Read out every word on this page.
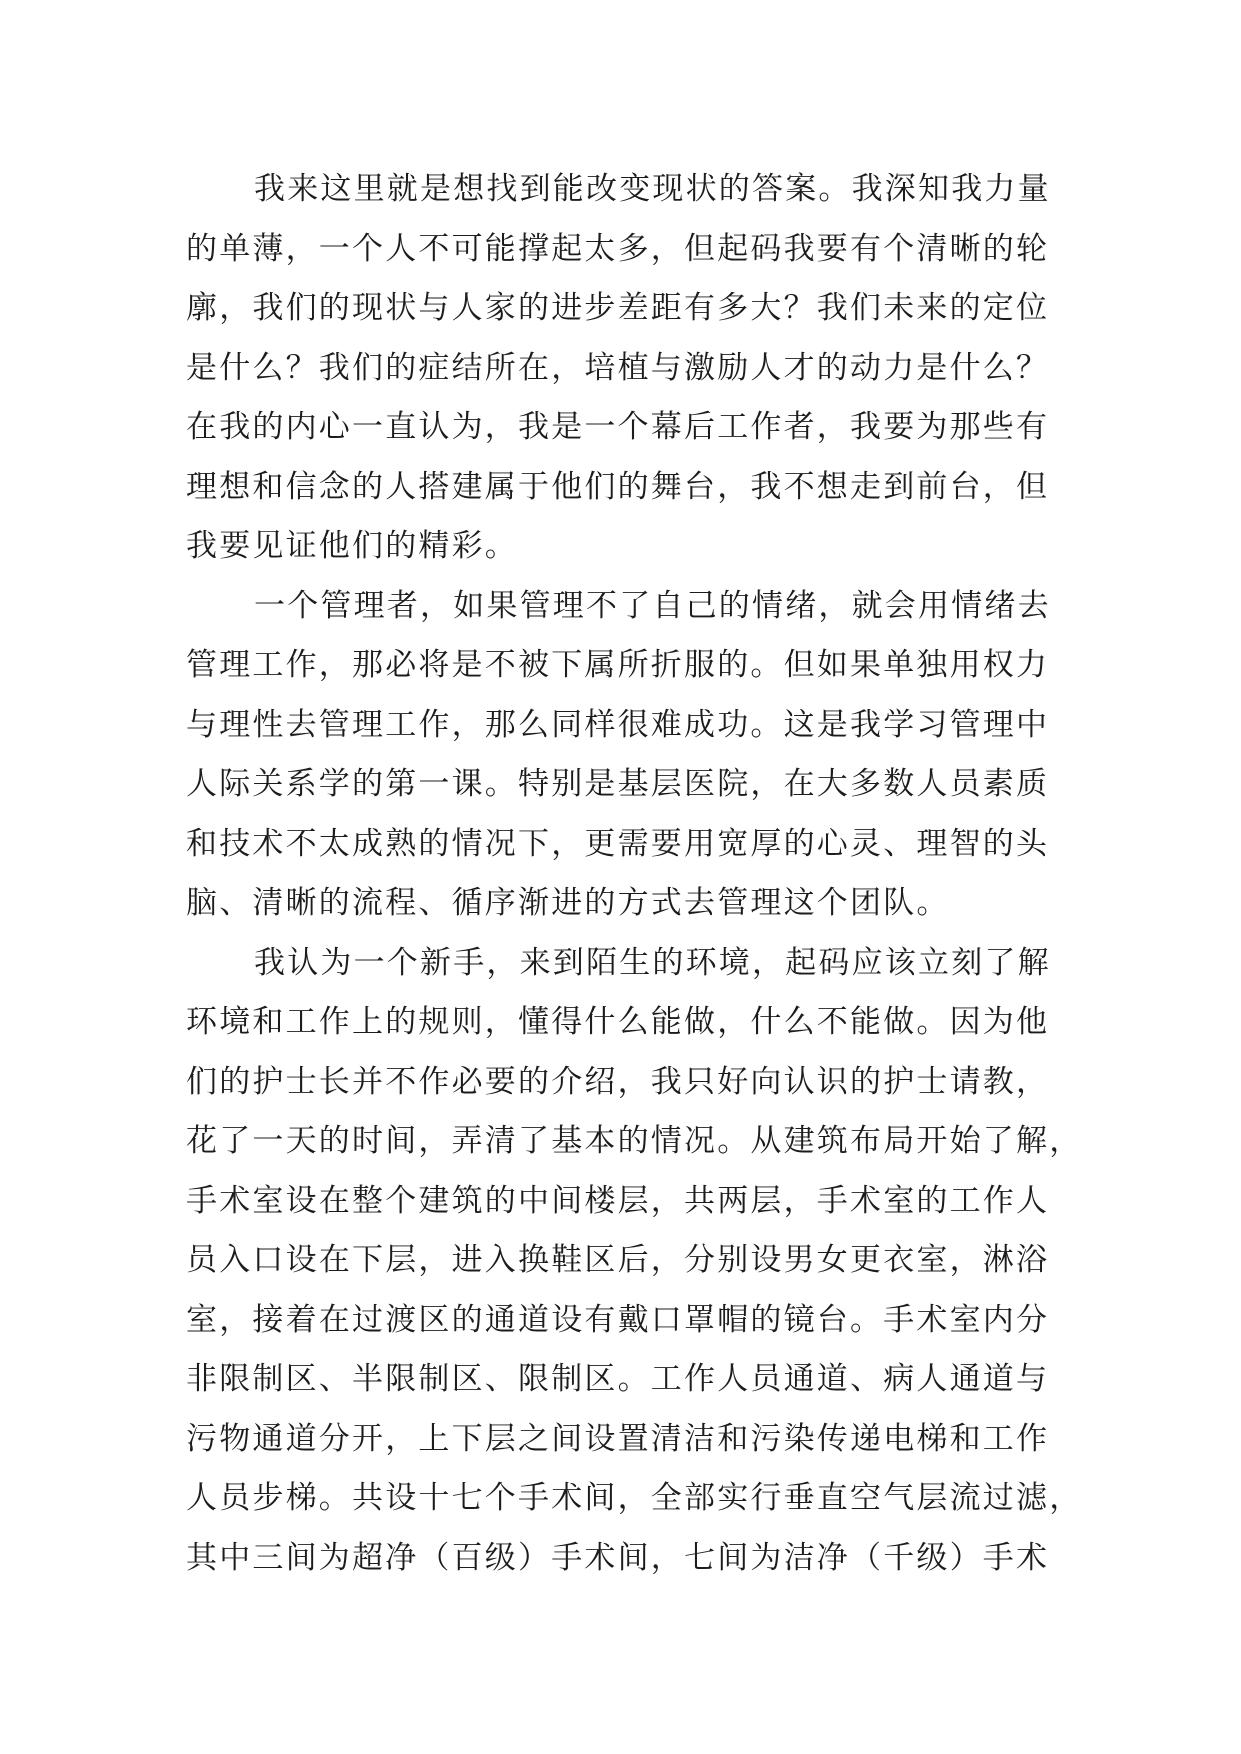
我来这里就是想找到能改变现状的答案。我深知我力量
的单薄，一个人不可能撑起太多，但起码我要有个清晰的轮
廓，我们的现状与人家的进步差距有多大？我们未来的定位
是什么？我们的症结所在，培植与激励人才的动力是什么？
在我的内心一直认为，我是一个幕后工作者，我要为那些有
理想和信念的人搭建属于他们的舞台，我不想走到前台，但
我要见证他们的精彩。
一个管理者，如果管理不了自己的情绪，就会用情绪去
管理工作，那必将是不被下属所折服的。但如果单独用权力
与理性去管理工作，那么同样很难成功。这是我学习管理中
人际关系学的第一课。特别是基层医院，在大多数人员素质
和技术不太成熟的情况下，更需要用宽厚的心灵、理智的头
脑、清晰的流程、循序渐进的方式去管理这个团队。
我认为一个新手，来到陌生的环境，起码应该立刻了解
环境和工作上的规则，懂得什么能做，什么不能做。因为他
们的护士长并不作必要的介绍，我只好向认识的护士请教，
花了一天的时间，弄清了基本的情况。从建筑布局开始了解，
手术室设在整个建筑的中间楼层，共两层，手术室的工作人
员入口设在下层，进入换鞋区后，分别设男女更衣室，淋浴
室，接着在过渡区的通道设有戴口罩帽的镜台。手术室内分
非限制区、半限制区、限制区。工作人员通道、病人通道与
污物通道分开，上下层之间设置清洁和污染传递电梯和工作
人员步梯。共设十七个手术间，全部实行垂直空气层流过滤，
其中三间为超净（百级）手术间，七间为洁净（千级）手术
